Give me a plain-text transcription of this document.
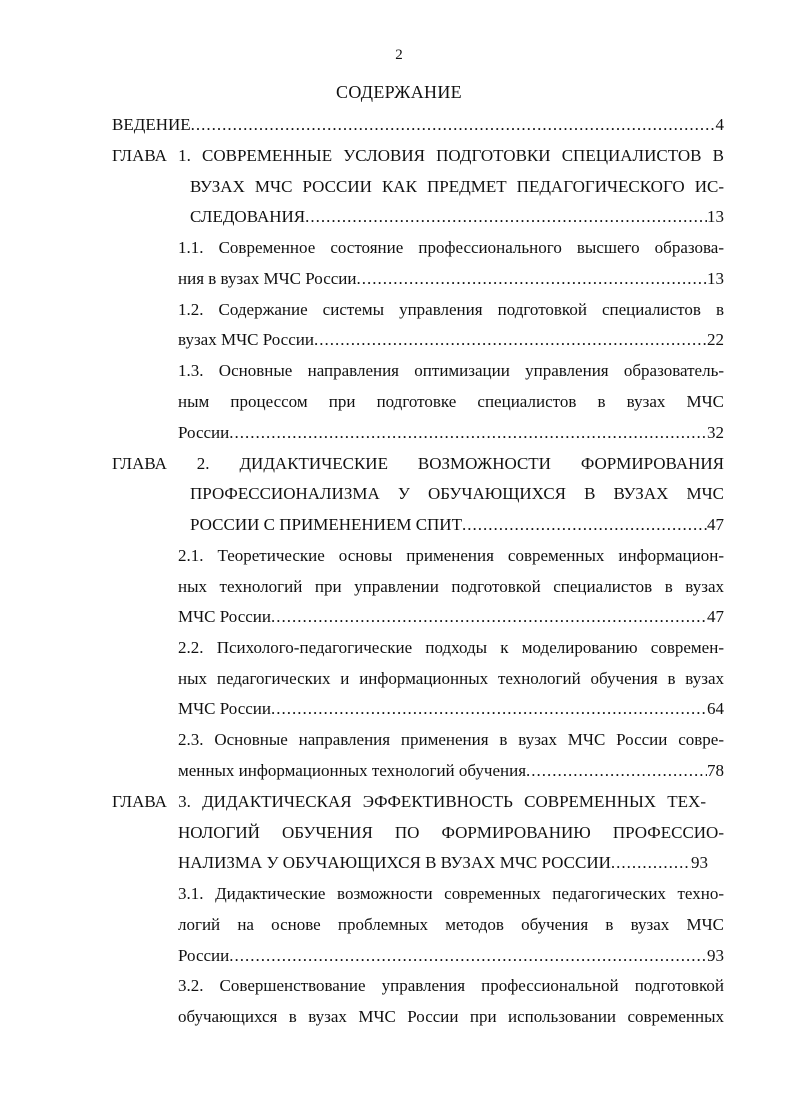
2
СОДЕРЖАНИЕ
ВЕДЕНИЕ .....	4
ГЛАВА 1. СОВРЕМЕННЫЕ УСЛОВИЯ ПОДГОТОВКИ СПЕЦИАЛИСТОВ В
ВУЗАХ МЧС РОССИИ КАК ПРЕДМЕТ ПЕДАГОГИЧЕСКОГО ИС-
СЛЕДОВАНИЯ .....	13
1.1. Современное состояние профессионального высшего образова-
ния в вузах МЧС России .....	13
1.2. Содержание системы управления подготовкой специалистов в
вузах МЧС России .....	22
1.3. Основные направления оптимизации управления образователь-
ным процессом при подготовке специалистов в вузах МЧС
России .....	32
ГЛАВА 2. ДИДАКТИЧЕСКИЕ ВОЗМОЖНОСТИ ФОРМИРОВАНИЯ
ПРОФЕССИОНАЛИЗМА У ОБУЧАЮЩИХСЯ В ВУЗАХ МЧС
РОССИИ С ПРИМЕНЕНИЕМ СПИТ .....	47
2.1. Теоретические основы применения современных информацион-
ных технологий при управлении подготовкой специалистов в вузах
МЧС России .....	47
2.2. Психолого-педагогические подходы к моделированию современ-
ных педагогических и информационных технологий обучения в вузах
МЧС России .....	64
2.3. Основные направления применения в вузах МЧС России совре-
менных информационных технологий обучения .....	78
ГЛАВА 3. ДИДАКТИЧЕСКАЯ ЭФФЕКТИВНОСТЬ СОВРЕМЕННЫХ ТЕХ-
НОЛОГИЙ ОБУЧЕНИЯ ПО ФОРМИРОВАНИЮ ПРОФЕССИО-
НАЛИЗМА У ОБУЧАЮЩИХСЯ В ВУЗАХ МЧС РОССИИ .....	93
3.1. Дидактические возможности современных педагогических техно-
логий на основе проблемных методов обучения в вузах МЧС
России .....	93
3.2. Совершенствование управления профессиональной подготовкой
обучающихся в вузах МЧС России при использовании современных
